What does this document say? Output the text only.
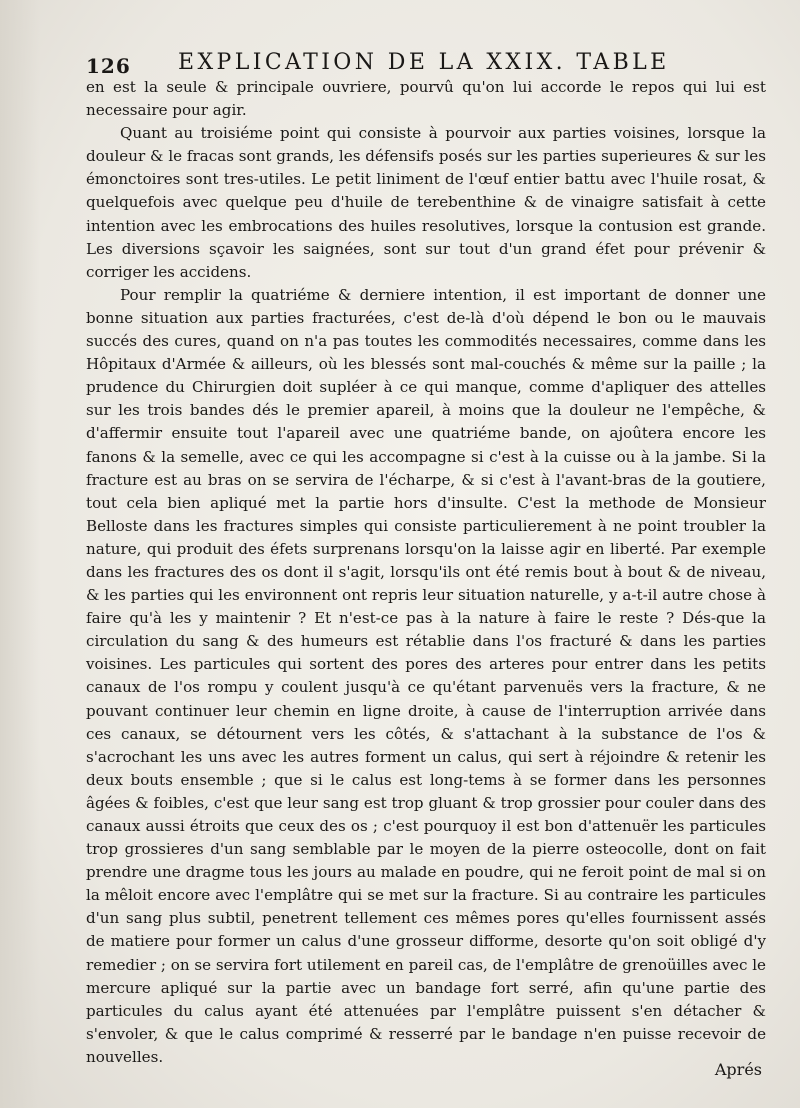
126 EXPLICATION DE LA XXIX. TABLE

en est la seule & principale ouvriere, pourvû qu'on lui accorde le repos qui lui est necessaire pour agir.

Quant au troisiéme point qui consiste à pourvoir aux parties voisines, lorsque la douleur & le fracas sont grands, les défensifs posés sur les parties superieures & sur les émonctoires sont tres-utiles. Le petit liniment de l'œuf entier battu avec l'huile rosat, & quelquefois avec quelque peu d'huile de terebenthine & de vinaigre satisfait à cette intention avec les embrocations des huiles resolutives, lorsque la contusion est grande. Les diversions sçavoir les saignées, sont sur tout d'un grand éfet pour prévenir & corriger les accidens.

Pour remplir la quatriéme & derniere intention, il est important de donner une bonne situation aux parties fracturées, c'est de-là d'où dépend le bon ou le mauvais succés des cures, quand on n'a pas toutes les commodités necessaires, comme dans les Hôpitaux d'Armée & ailleurs, où les blessés sont mal-couchés & même sur la paille ; la prudence du Chirurgien doit supléer à ce qui manque, comme d'apliquer des attelles sur les trois bandes dés le premier apareil, à moins que la douleur ne l'empêche, & d'affermir ensuite tout l'apareil avec une quatriéme bande, on ajoûtera encore les fanons & la semelle, avec ce qui les accompagne si c'est à la cuisse ou à la jambe. Si la fracture est au bras on se servira de l'écharpe, & si c'est à l'avant-bras de la goutiere, tout cela bien apliqué met la partie hors d'insulte. C'est la methode de Monsieur Belloste dans les fractures simples qui consiste particulierement à ne point troubler la nature, qui produit des éfets surprenans lorsqu'on la laisse agir en liberté. Par exemple dans les fractures des os dont il s'agit, lorsqu'ils ont été remis bout à bout & de niveau, & les parties qui les environnent ont repris leur situation naturelle, y a-t-il autre chose à faire qu'à les y maintenir ? Et n'est-ce pas à la nature à faire le reste ? Dés-que la circulation du sang & des humeurs est rétablie dans l'os fracturé & dans les parties voisines. Les particules qui sortent des pores des arteres pour entrer dans les petits canaux de l'os rompu y coulent jusqu'à ce qu'étant parvenuës vers la fracture, & ne pouvant continuer leur chemin en ligne droite, à cause de l'interruption arrivée dans ces canaux, se détournent vers les côtés, & s'attachant à la substance de l'os & s'acrochant les uns avec les autres forment un calus, qui sert à réjoindre & retenir les deux bouts ensemble ; que si le calus est long-tems à se former dans les personnes âgées & foibles, c'est que leur sang est trop gluant & trop grossier pour couler dans des canaux aussi étroits que ceux des os ; c'est pourquoy il est bon d'attenuër les particules trop grossieres d'un sang semblable par le moyen de la pierre osteocolle, dont on fait prendre une dragme tous les jours au malade en poudre, qui ne feroit point de mal si on la mêloit encore avec l'emplâtre qui se met sur la fracture. Si au contraire les particules d'un sang plus subtil, penetrent tellement ces mêmes pores qu'elles fournissent assés de matiere pour former un calus d'une grosseur difforme, desorte qu'on soit obligé d'y remedier ; on se servira fort utilement en pareil cas, de l'emplâtre de grenoüilles avec le mercure apliqué sur la partie avec un bandage fort serré, afin qu'une partie des particules du calus ayant été attenuées par l'emplâtre puissent s'en détacher & s'envoler, & que le calus comprimé & resserré par le bandage n'en puisse recevoir de nouvelles.

Aprés
